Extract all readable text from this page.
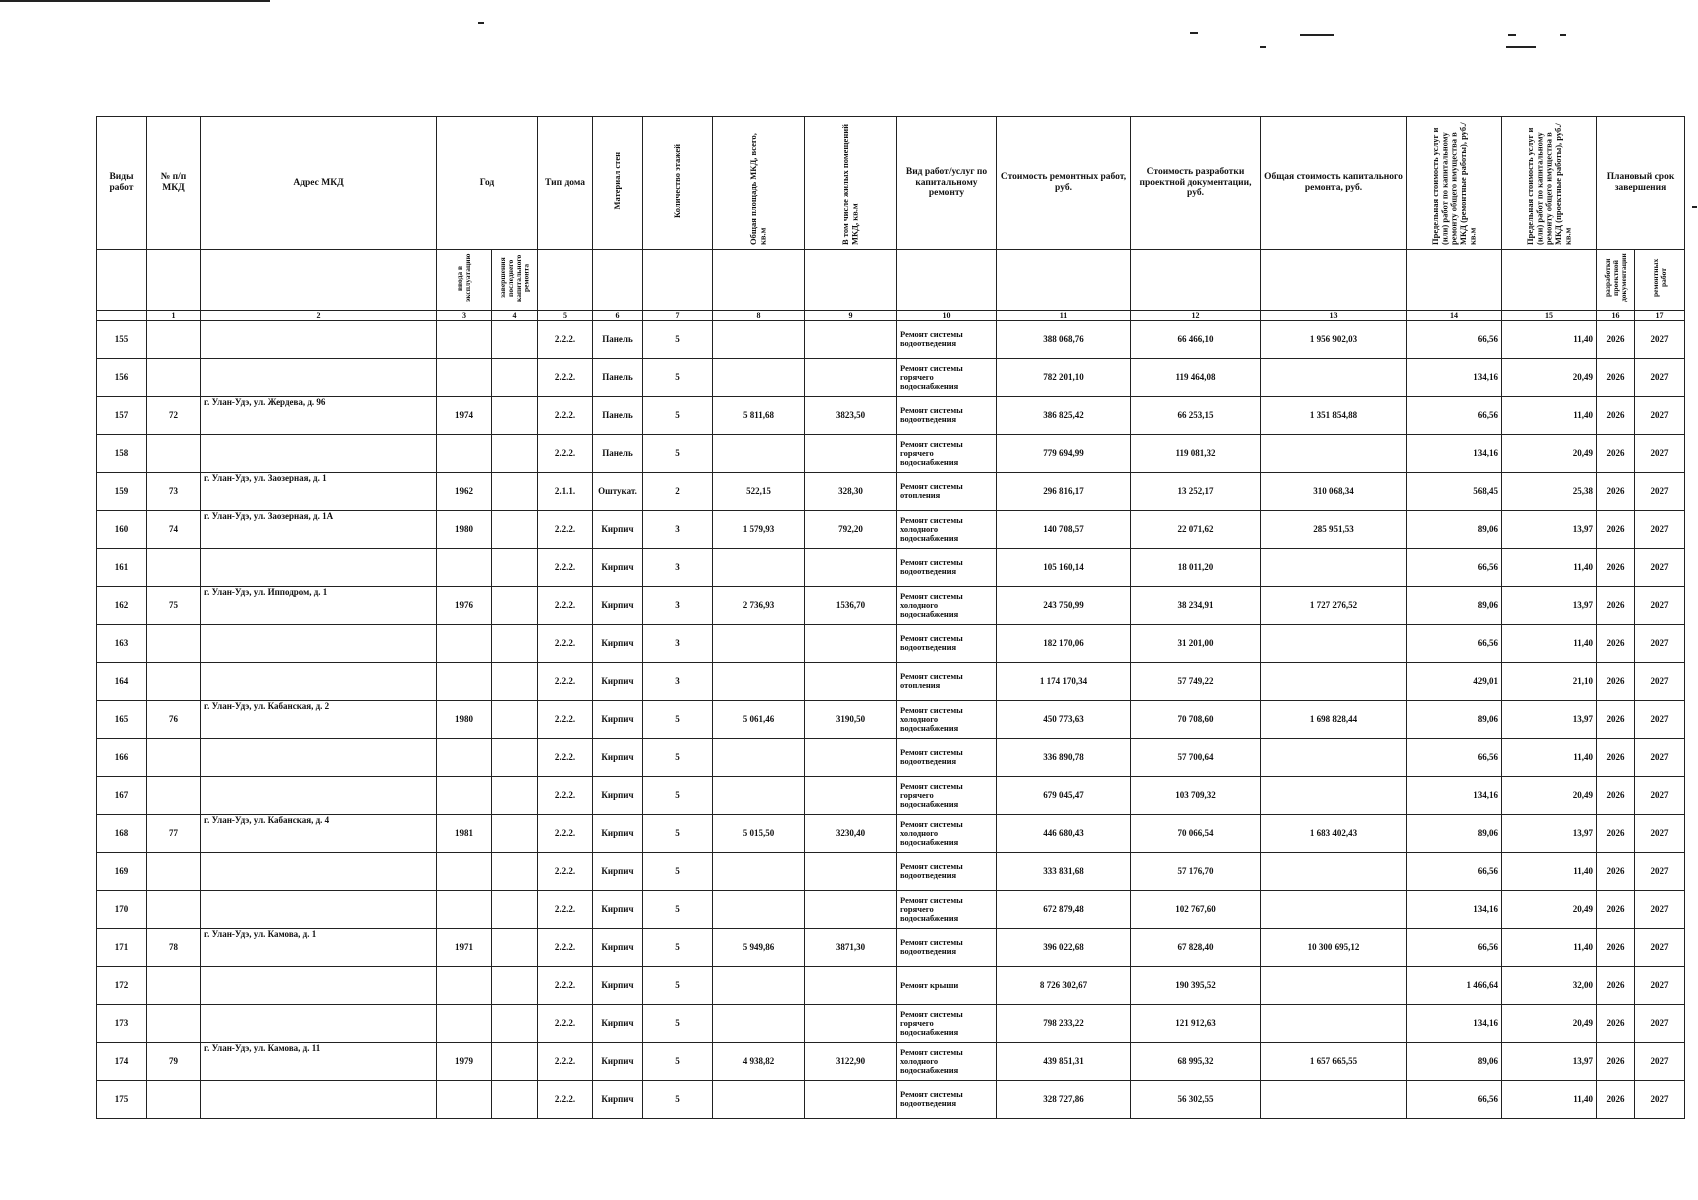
Виды работ	№ п/п МКД	Адрес МКД	Год		Тип дома	Материал стен	Количество этажей	Общая площадь МКД, всего, кв.м	В том числе жилых помещений МКД, кв.м	Вид работ/услуг по капитальному ремонту	Стоимость ремонтных работ, руб.	Стоимость разработки проектной документации, руб.	Общая стоимость капитального ремонта, руб.	Предельная стоимость услуг и (или) работ по капитальному ремонту общего имущества в МКД (ремонтные работы), руб./кв.м	Предельная стоимость услуг и (или) работ по капитальному ремонту общего имущества в МКД (проектные работы), руб./кв.м	Плановый срок завершения	
			ввода в эксплуатацию	завершения последнего капитального ремонта												разработки проектной документации	ремонтных работ
	1	2	3	4	5	6	7	8	9	10	11	12	13	14	15	16	17
155					2.2.2.	Панель	5			Ремонт системы водоотведения	388 068,76	66 466,10	1 956 902,03	66,56	11,40	2026	2027
156					2.2.2.	Панель	5			Ремонт системы горячего водоснабжения	782 201,10	119 464,08		134,16	20,49	2026	2027
157	72	г. Улан-Удэ, ул. Жердева, д. 96	1974		2.2.2.	Панель	5	5 811,68	3823,50	Ремонт системы водоотведения	386 825,42	66 253,15	1 351 854,88	66,56	11,40	2026	2027
158					2.2.2.	Панель	5			Ремонт системы горячего водоснабжения	779 694,99	119 081,32		134,16	20,49	2026	2027
159	73	г. Улан-Удэ, ул. Заозерная, д. 1	1962		2.1.1.	Оштукат.	2	522,15	328,30	Ремонт системы отопления	296 816,17	13 252,17	310 068,34	568,45	25,38	2026	2027
160	74	г. Улан-Удэ, ул. Заозерная, д. 1А	1980		2.2.2.	Кирпич	3	1 579,93	792,20	Ремонт системы холодного водоснабжения	140 708,57	22 071,62	285 951,53	89,06	13,97	2026	2027
161					2.2.2.	Кирпич	3			Ремонт системы водоотведения	105 160,14	18 011,20		66,56	11,40	2026	2027
162	75	г. Улан-Удэ, ул. Ипподром, д. 1	1976		2.2.2.	Кирпич	3	2 736,93	1536,70	Ремонт системы холодного водоснабжения	243 750,99	38 234,91	1 727 276,52	89,06	13,97	2026	2027
163					2.2.2.	Кирпич	3			Ремонт системы водоотведения	182 170,06	31 201,00		66,56	11,40	2026	2027
164					2.2.2.	Кирпич	3			Ремонт системы отопления	1 174 170,34	57 749,22		429,01	21,10	2026	2027
165	76	г. Улан-Удэ, ул. Кабанская, д. 2	1980		2.2.2.	Кирпич	5	5 061,46	3190,50	Ремонт системы холодного водоснабжения	450 773,63	70 708,60	1 698 828,44	89,06	13,97	2026	2027
166					2.2.2.	Кирпич	5			Ремонт системы водоотведения	336 890,78	57 700,64		66,56	11,40	2026	2027
167					2.2.2.	Кирпич	5			Ремонт системы горячего водоснабжения	679 045,47	103 709,32		134,16	20,49	2026	2027
168	77	г. Улан-Удэ, ул. Кабанская, д. 4	1981		2.2.2.	Кирпич	5	5 015,50	3230,40	Ремонт системы холодного водоснабжения	446 680,43	70 066,54	1 683 402,43	89,06	13,97	2026	2027
169					2.2.2.	Кирпич	5			Ремонт системы водоотведения	333 831,68	57 176,70		66,56	11,40	2026	2027
170					2.2.2.	Кирпич	5			Ремонт системы горячего водоснабжения	672 879,48	102 767,60		134,16	20,49	2026	2027
171	78	г. Улан-Удэ, ул. Камова, д. 1	1971		2.2.2.	Кирпич	5	5 949,86	3871,30	Ремонт системы водоотведения	396 022,68	67 828,40	10 300 695,12	66,56	11,40	2026	2027
172					2.2.2.	Кирпич	5			Ремонт крыши	8 726 302,67	190 395,52		1 466,64	32,00	2026	2027
173					2.2.2.	Кирпич	5			Ремонт системы горячего водоснабжения	798 233,22	121 912,63		134,16	20,49	2026	2027
174	79	г. Улан-Удэ, ул. Камова, д. 11	1979		2.2.2.	Кирпич	5	4 938,82	3122,90	Ремонт системы холодного водоснабжения	439 851,31	68 995,32	1 657 665,55	89,06	13,97	2026	2027
175					2.2.2.	Кирпич	5			Ремонт системы водоотведения	328 727,86	56 302,55		66,56	11,40	2026	2027
